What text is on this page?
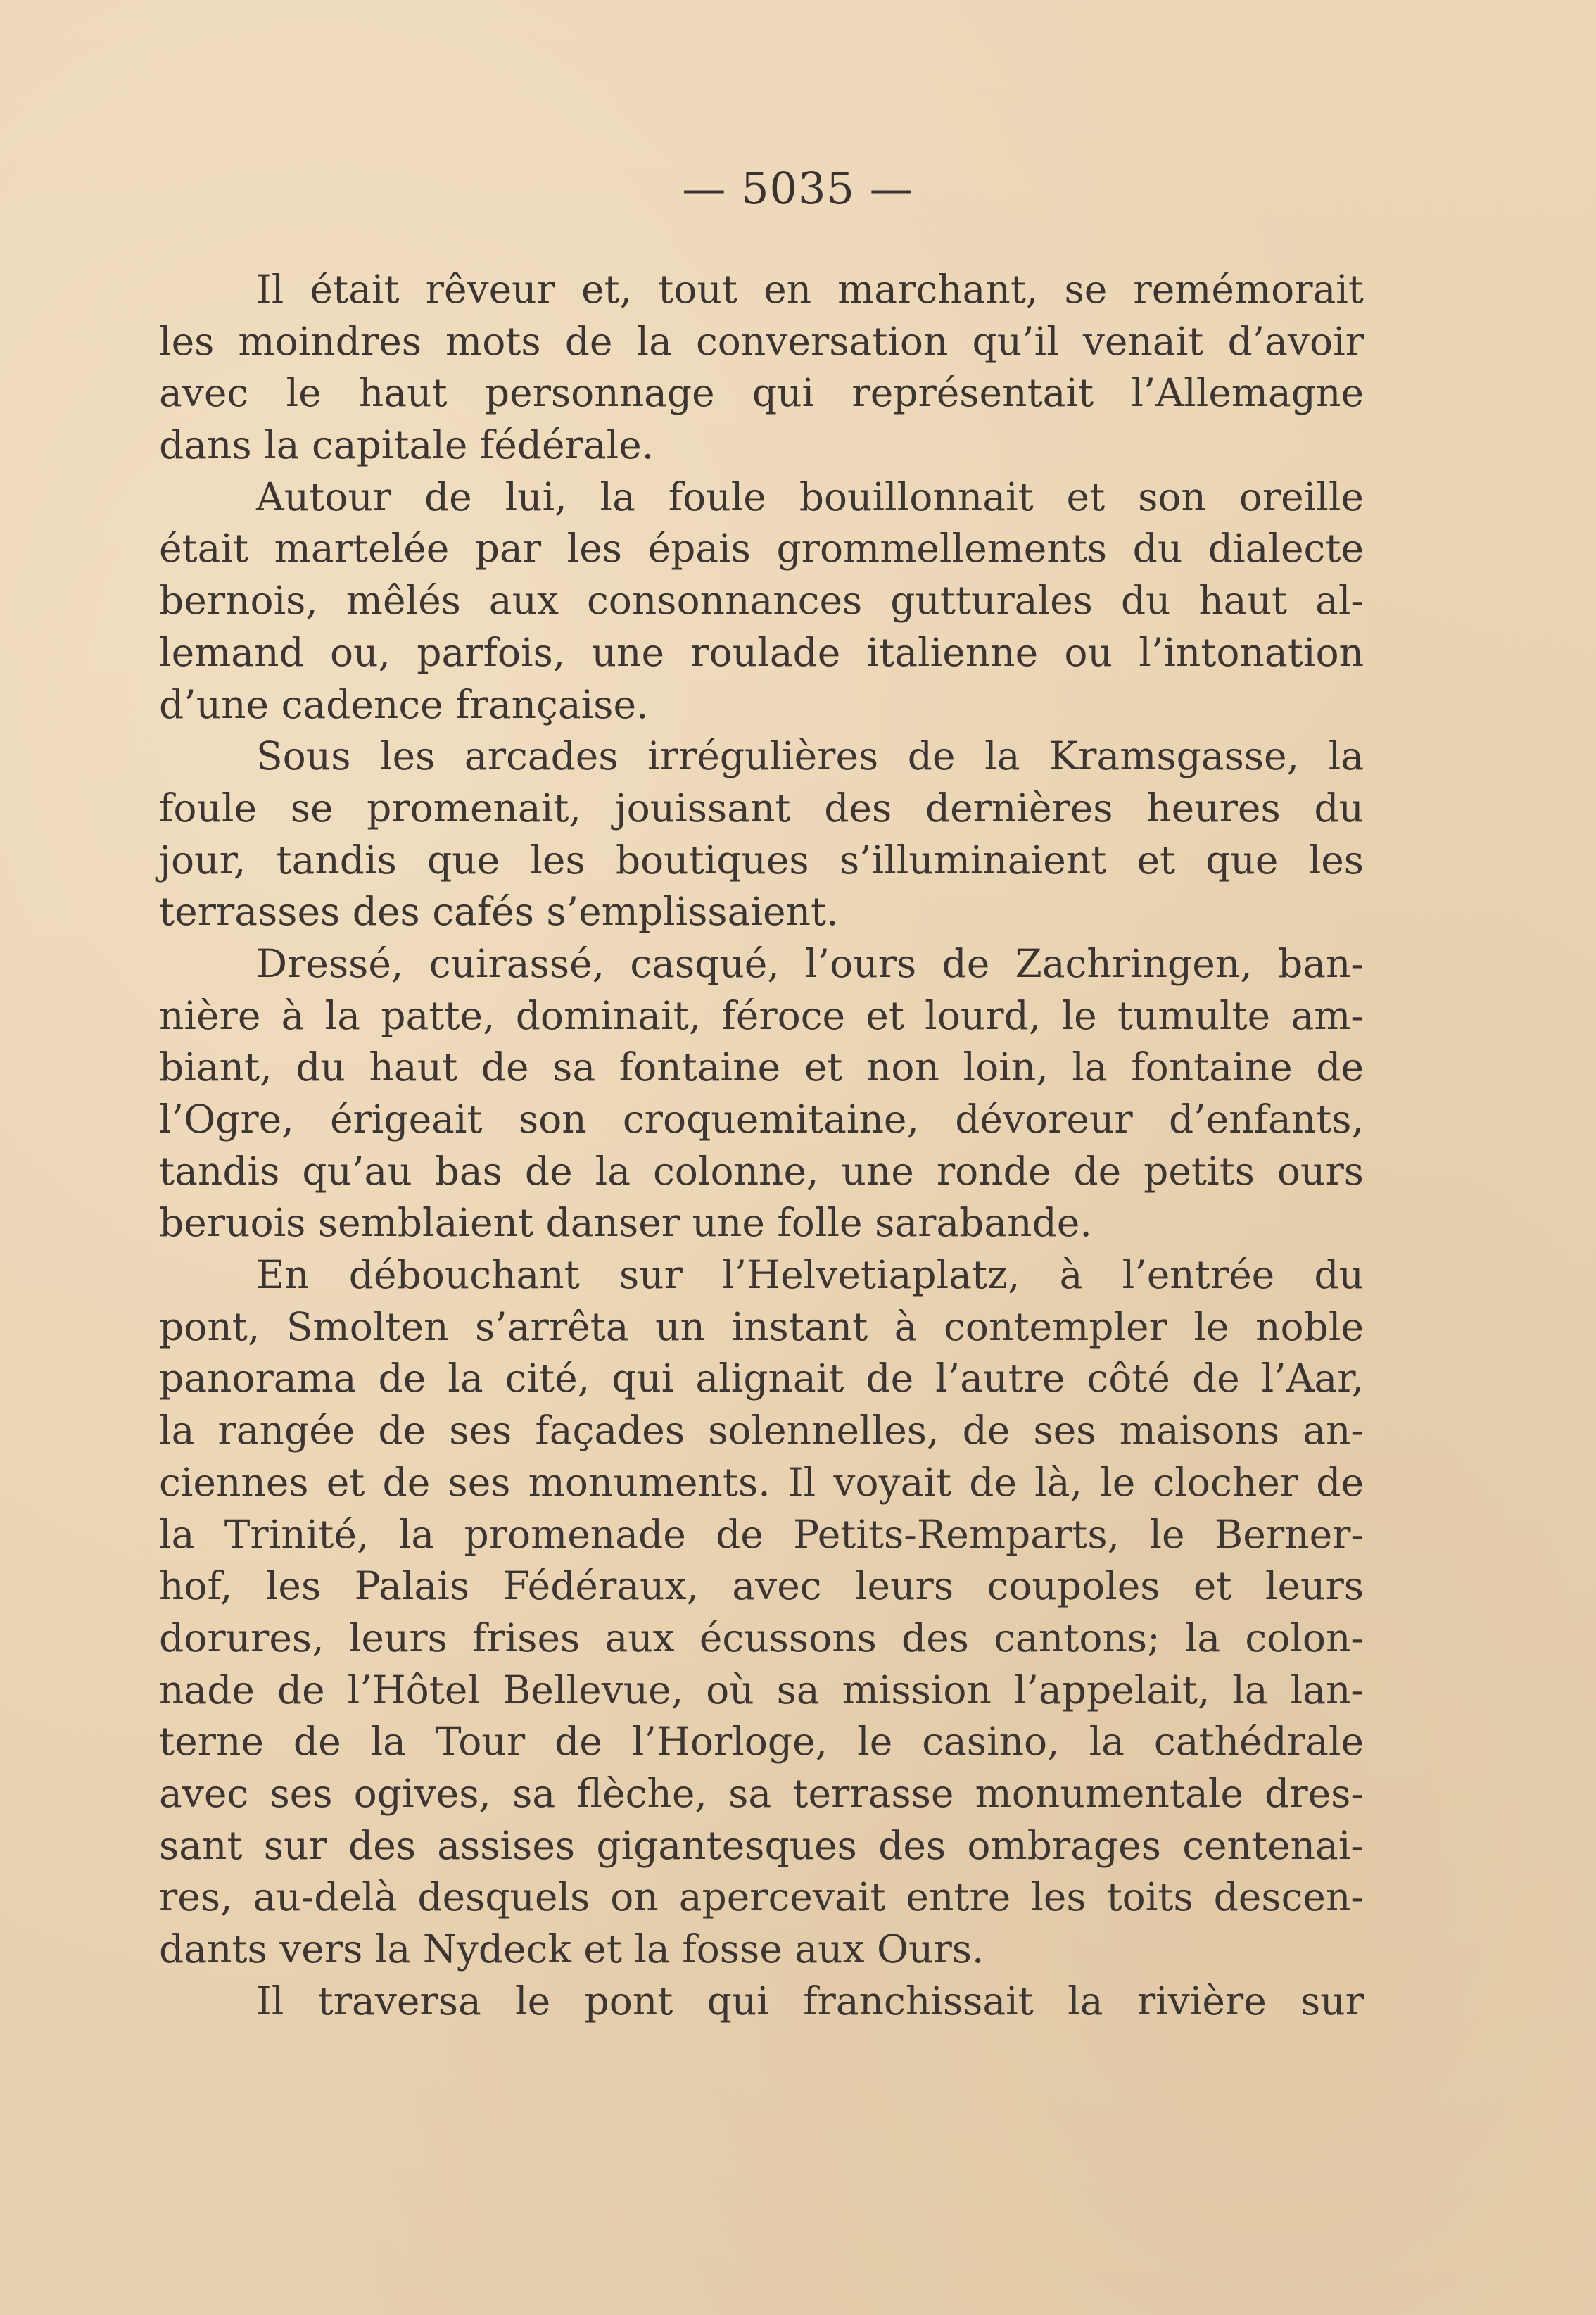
— 5035 —
Il était rêveur et, tout en marchant, se remémorait
les moindres mots de la conversation qu’il venait d’avoir
avec le haut personnage qui représentait l’Allemagne
dans la capitale fédérale.
Autour de lui, la foule bouillonnait et son oreille
était martelée par les épais grommellements du dialecte
bernois, mêlés aux consonnances gutturales du haut al-
lemand ou, parfois, une roulade italienne ou l’intonation
d’une cadence française.
Sous les arcades irrégulières de la Kramsgasse, la
foule se promenait, jouissant des dernières heures du
jour, tandis que les boutiques s’illuminaient et que les
terrasses des cafés s’emplissaient.
Dressé, cuirassé, casqué, l’ours de Zachringen, ban-
nière à la patte, dominait, féroce et lourd, le tumulte am-
biant, du haut de sa fontaine et non loin, la fontaine de
l’Ogre, érigeait son croquemitaine, dévoreur d’enfants,
tandis qu’au bas de la colonne, une ronde de petits ours
beruois semblaient danser une folle sarabande.
En débouchant sur l’Helvetiaplatz, à l’entrée du
pont, Smolten s’arrêta un instant à contempler le noble
panorama de la cité, qui alignait de l’autre côté de l’Aar,
la rangée de ses façades solennelles, de ses maisons an-
ciennes et de ses monuments. Il voyait de là, le clocher de
la Trinité, la promenade de Petits-Remparts, le Berner-
hof, les Palais Fédéraux, avec leurs coupoles et leurs
dorures, leurs frises aux écussons des cantons; la colon-
nade de l’Hôtel Bellevue, où sa mission l’appelait, la lan-
terne de la Tour de l’Horloge, le casino, la cathédrale
avec ses ogives, sa flèche, sa terrasse monumentale dres-
sant sur des assises gigantesques des ombrages centenai-
res, au-delà desquels on apercevait entre les toits descen-
dants vers la Nydeck et la fosse aux Ours.
Il traversa le pont qui franchissait la rivière sur
